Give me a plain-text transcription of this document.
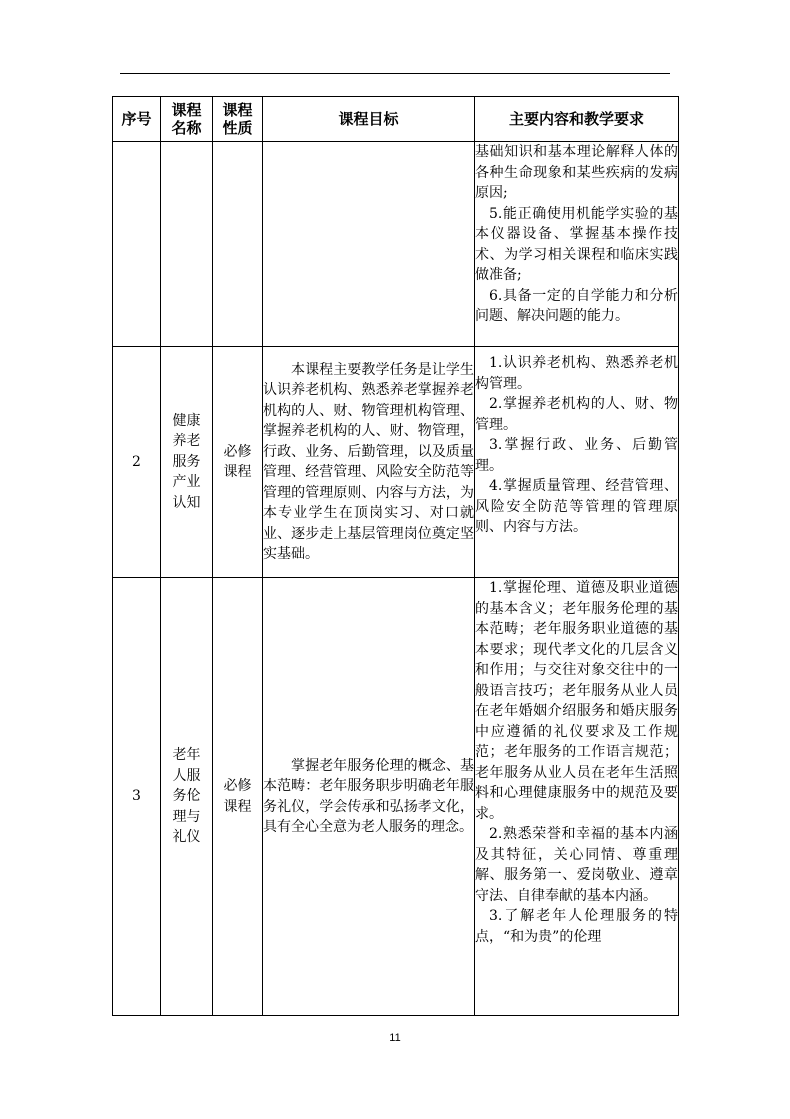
序号	课程名称	课程性质	课程目标	主要内容和教学要求

				基础知识和基本理论解释人体的各种生命现象和某些疾病的发病原因;

5.能正确使用机能学实验的基本仪器设备、掌握基本操作技术、为学习相关课程和临床实践做准备;

6.具备一定的自学能力和分析问题、解决问题的能力。

2	健康养老服务产业认知	必修课程	本课程主要教学任务是让学生认识养老机构、熟悉养老掌握养老机构的人、财、物管理机构管理、掌握养老机构的人、财、物管理，行政、业务、后勤管理，以及质量管理、经营管理、风险安全防范等管理的管理原则、内容与方法，为本专业学生在顶岗实习、对口就业、逐步走上基层管理岗位奠定坚实基础。	1.认识养老机构、熟悉养老机构管理。

2.掌握养老机构的人、财、物管理。

3.掌握行政、业务、后勤管理。

4.掌握质量管理、经营管理、风险安全防范等管理的管理原则、内容与方法。

3	老年人服务伦理与礼仪	必修课程	掌握老年服务伦理的概念、基本范畴：老年服务职步明确老年服务礼仪，学会传承和弘扬孝文化，具有全心全意为老人服务的理念。	1.掌握伦理、道德及职业道德的基本含义；老年服务伦理的基本范畴；老年服务职业道德的基本要求；现代孝文化的几层含义和作用；与交往对象交往中的一般语言技巧；老年服务从业人员在老年婚姻介绍服务和婚庆服务中应遵循的礼仪要求及工作规范；老年服务的工作语言规范；老年服务从业人员在老年生活照料和心理健康服务中的规范及要求。

2.熟悉荣誉和幸福的基本内涵及其特征，关心同情、尊重理解、服务第一、爱岗敬业、遵章守法、自律奉献的基本内涵。

3.了解老年人伦理服务的特点，“和为贵”的伦理

11
